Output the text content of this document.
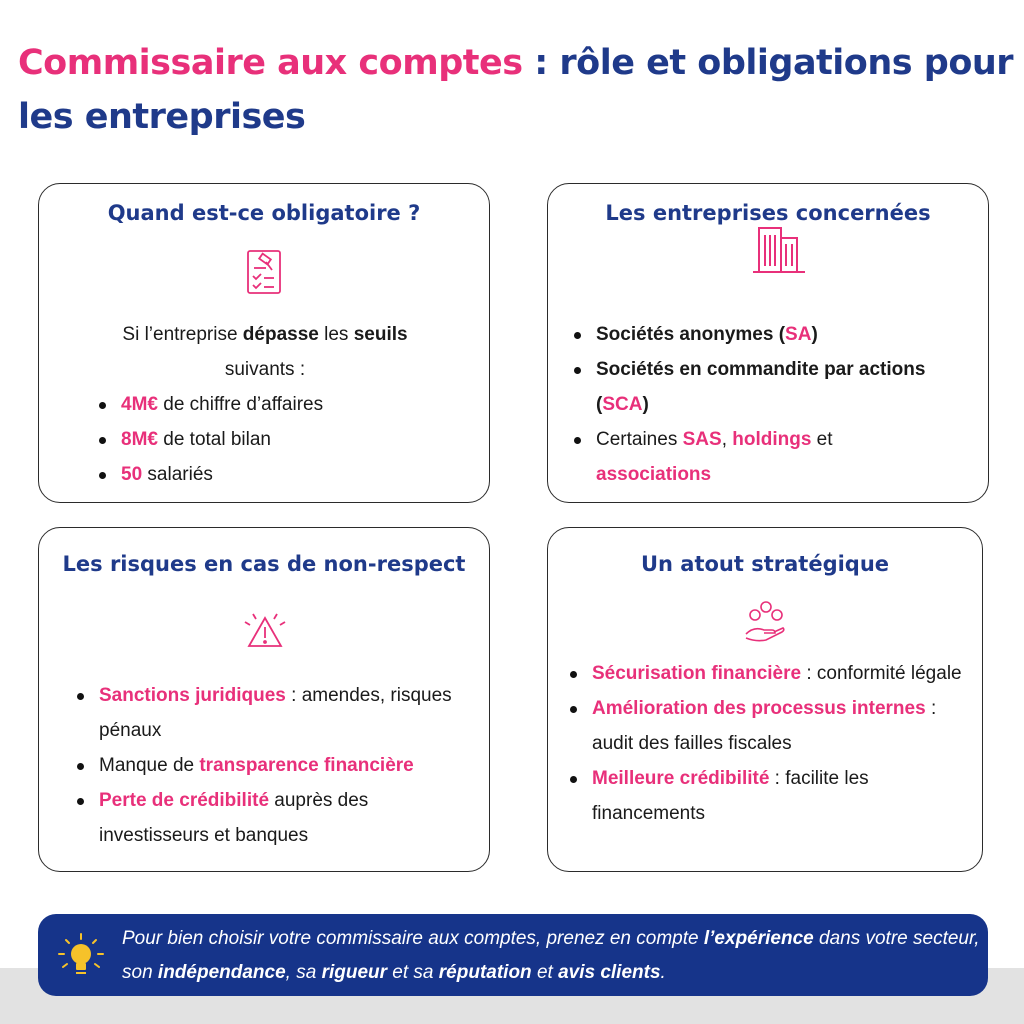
Commissaire aux comptes : rôle et obligations pour les entreprises
Quand est-ce obligatoire ?
Si l’entreprise dépasse les seuils
suivants :
4M€ de chiffre d’affaires
8M€ de total bilan
50 salariés
Les entreprises concernées
Sociétés anonymes (SA)
Sociétés en commandite par actions
(SCA)
Certaines SAS, holdings et
associations
Les risques en cas de non-respect
Sanctions juridiques : amendes, risques pénaux
Manque de transparence financière
Perte de crédibilité auprès des investisseurs et banques
Un atout stratégique
Sécurisation financière : conformité légale
Amélioration des processus internes : audit des failles fiscales
Meilleure crédibilité : facilite les financements

Pour bien choisir votre commissaire aux comptes, prenez en compte l’expérience dans votre secteur, son indépendance, sa rigueur et sa réputation et avis clients.
